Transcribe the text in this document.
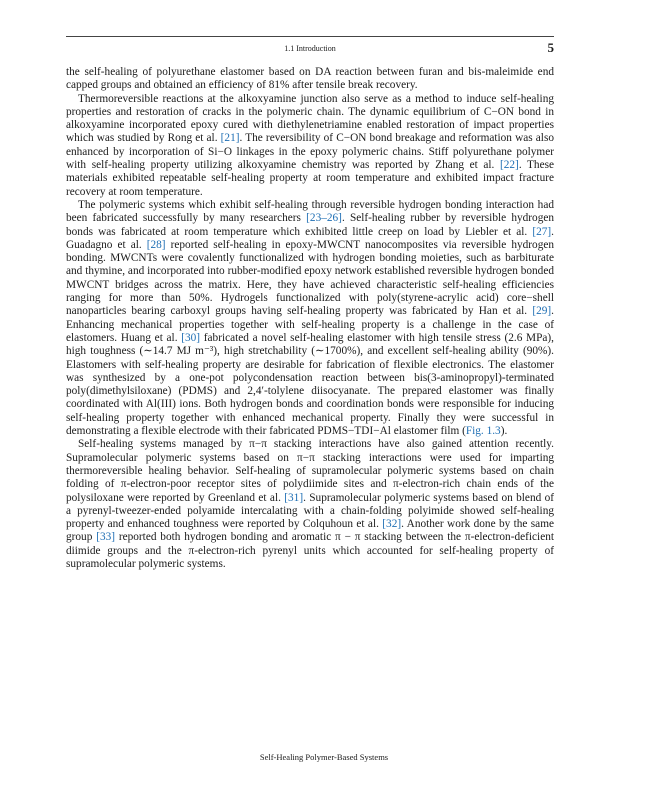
1.1 Introduction	5

the self-healing of polyurethane elastomer based on DA reaction between furan and bis-maleimide end capped groups and obtained an efficiency of 81% after tensile break recovery.

Thermoreversible reactions at the alkoxyamine junction also serve as a method to induce self-healing properties and restoration of cracks in the polymeric chain. The dynamic equilibrium of C−ON bond in alkoxyamine incorporated epoxy cured with diethylenetriamine enabled restoration of impact properties which was studied by Rong et al. [21]. The reversibility of C−ON bond breakage and reformation was also enhanced by incorporation of Si−O linkages in the epoxy polymeric chains. Stiff polyurethane polymer with self-healing property utilizing alkoxyamine chemistry was reported by Zhang et al. [22]. These materials exhibited repeatable self-healing property at room temperature and exhibited impact fracture recovery at room temperature.

The polymeric systems which exhibit self-healing through reversible hydrogen bonding interaction had been fabricated successfully by many researchers [23–26]. Self-healing rubber by reversible hydrogen bonds was fabricated at room temperature which exhibited little creep on load by Liebler et al. [27]. Guadagno et al. [28] reported self-healing in epoxy-MWCNT nanocomposites via reversible hydrogen bonding. MWCNTs were covalently functionalized with hydrogen bonding moieties, such as barbiturate and thymine, and incorporated into rubber-modified epoxy network established reversible hydrogen bonded MWCNT bridges across the matrix. Here, they have achieved characteristic self-healing efficiencies ranging for more than 50%. Hydrogels functionalized with poly(styrene-acrylic acid) core−shell nanoparticles bearing carboxyl groups having self-healing property was fabricated by Han et al. [29]. Enhancing mechanical properties together with self-healing property is a challenge in the case of elastomers. Huang et al. [30] fabricated a novel self-healing elastomer with high tensile stress (2.6 MPa), high toughness (∼14.7 MJ m⁻³), high stretchability (∼1700%), and excellent self-healing ability (90%). Elastomers with self-healing property are desirable for fabrication of flexible electronics. The elastomer was synthesized by a one-pot polycondensation reaction between bis(3-aminopropyl)-terminated poly(dimethylsiloxane) (PDMS) and 2,4′-tolylene diisocyanate. The prepared elastomer was finally coordinated with Al(III) ions. Both hydrogen bonds and coordination bonds were responsible for inducing self-healing property together with enhanced mechanical property. Finally they were successful in demonstrating a flexible electrode with their fabricated PDMS−TDI−Al elastomer film (Fig. 1.3).

Self-healing systems managed by π−π stacking interactions have also gained attention recently. Supramolecular polymeric systems based on π−π stacking interactions were used for imparting thermoreversible healing behavior. Self-healing of supramolecular polymeric systems based on chain folding of π-electron-poor receptor sites of polydiimide sites and π-electron-rich chain ends of the polysiloxane were reported by Greenland et al. [31]. Supramolecular polymeric systems based on blend of a pyrenyl-tweezer-ended polyamide intercalating with a chain-folding polyimide showed self-healing property and enhanced toughness were reported by Colquhoun et al. [32]. Another work done by the same group [33] reported both hydrogen bonding and aromatic π − π stacking between the π-electron-deficient diimide groups and the π-electron-rich pyrenyl units which accounted for self-healing property of supramolecular polymeric systems.

Self-Healing Polymer-Based Systems
